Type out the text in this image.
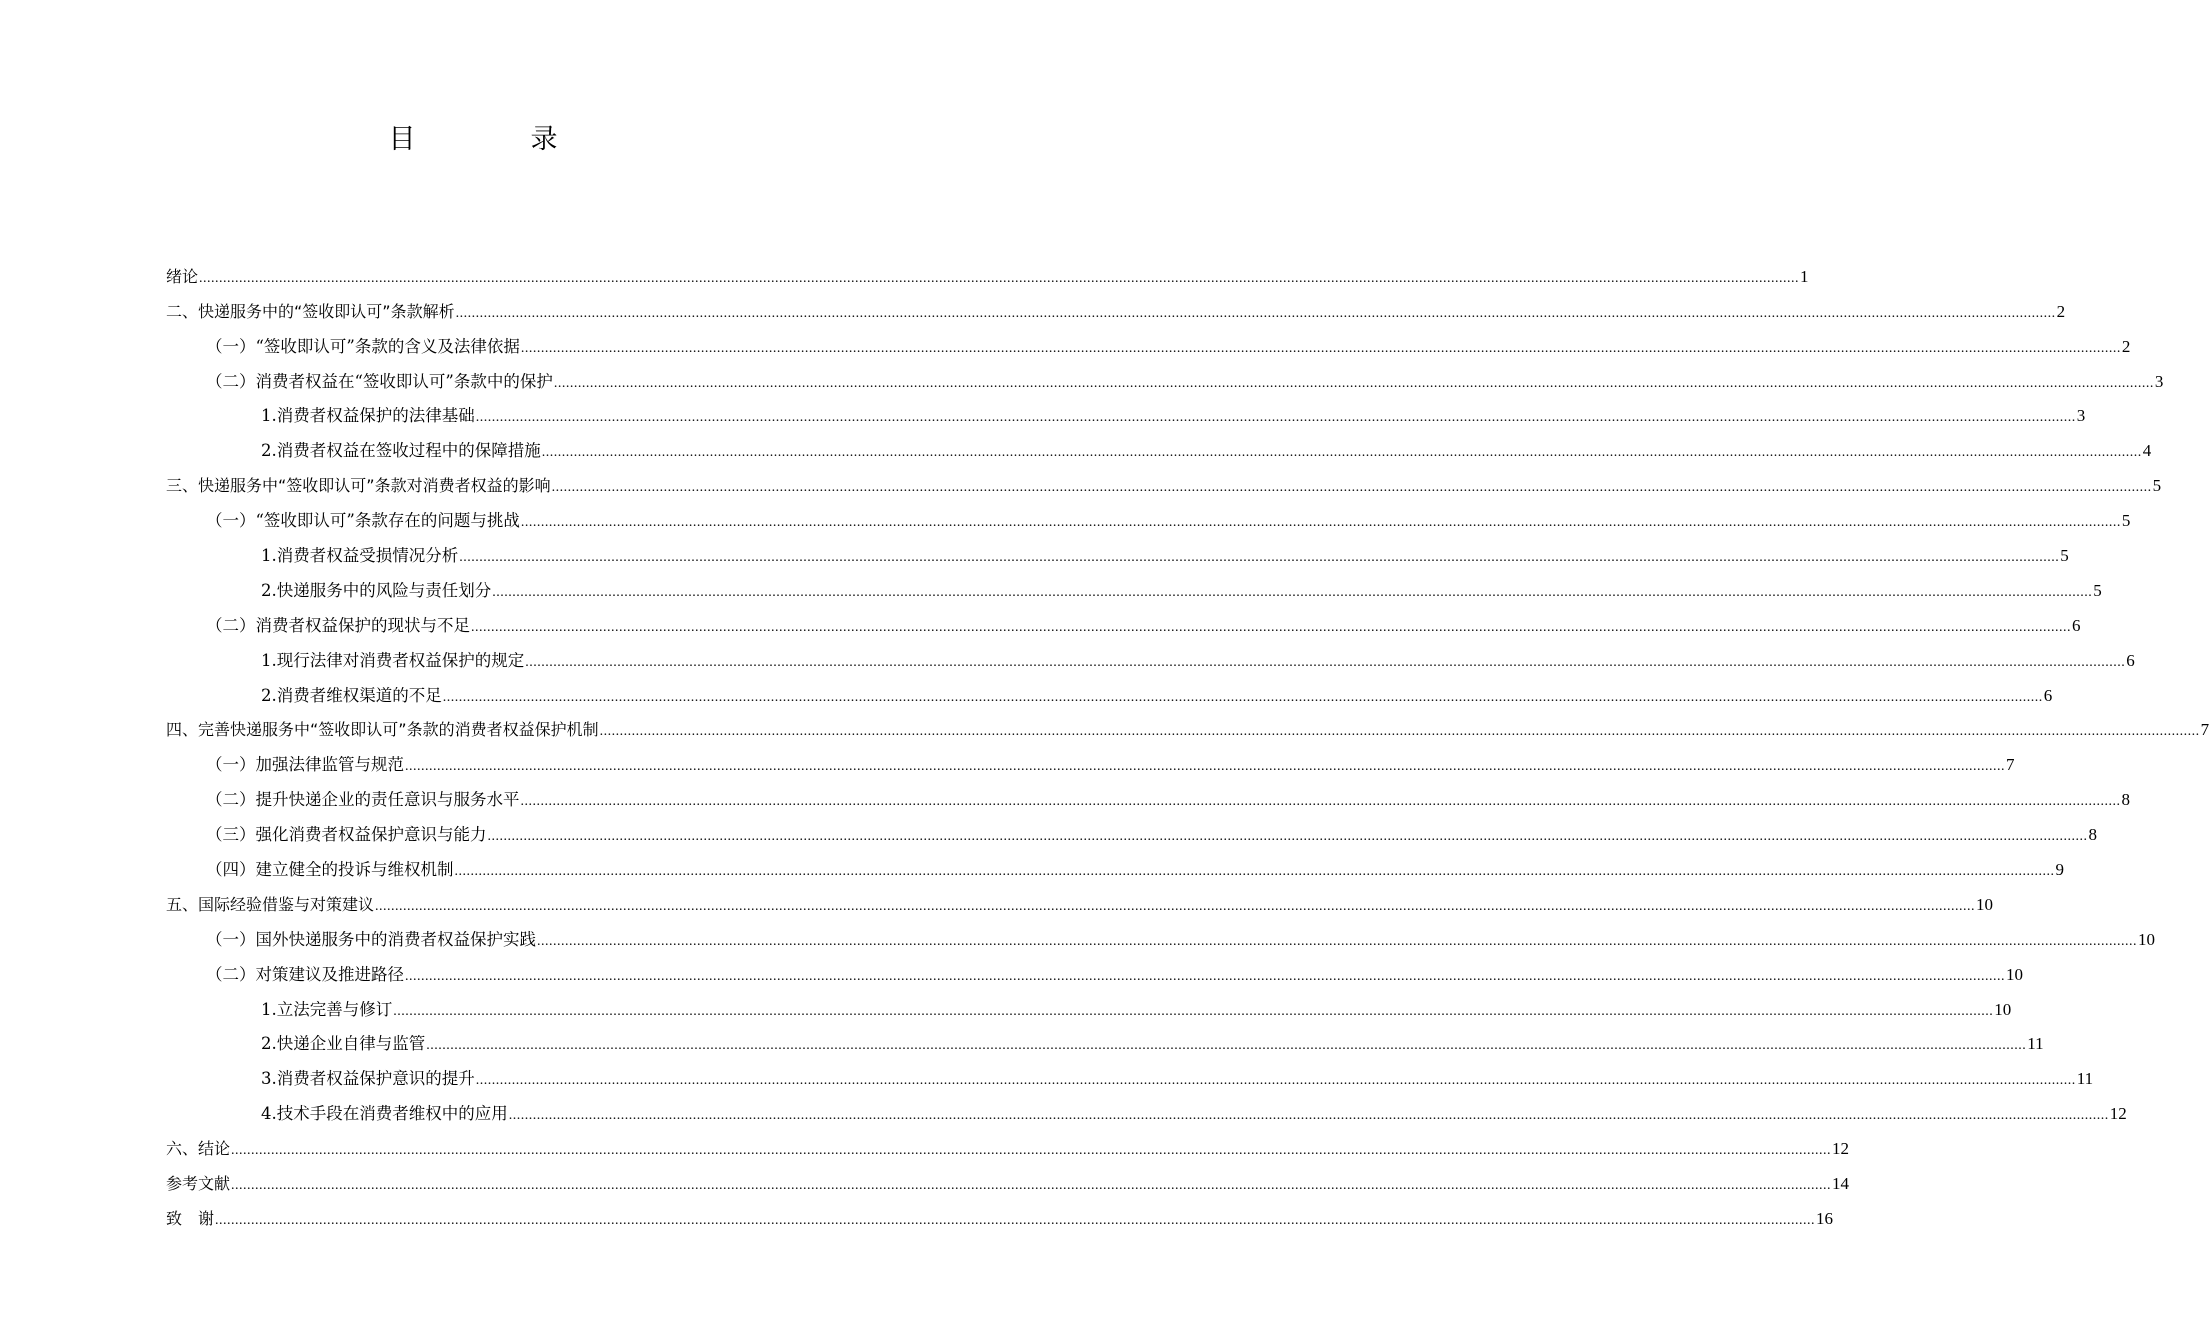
目　录
绪论 ................................................................................................................................................................................................................................................................................................................................................................................................................ 1
二、快递服务中的“签收即认可”条款解析 ................................................................................................................................................................................................................................................................................................................................................................................................................ 2
（一）“签收即认可”条款的含义及法律依据 ................................................................................................................................................................................................................................................................................................................................................................................................................ 2
（二）消费者权益在“签收即认可”条款中的保护 ................................................................................................................................................................................................................................................................................................................................................................................................................ 3
1.消费者权益保护的法律基础 ................................................................................................................................................................................................................................................................................................................................................................................................................ 3
2.消费者权益在签收过程中的保障措施 ................................................................................................................................................................................................................................................................................................................................................................................................................ 4
三、快递服务中“签收即认可”条款对消费者权益的影响 ................................................................................................................................................................................................................................................................................................................................................................................................................ 5
（一）“签收即认可”条款存在的问题与挑战 ................................................................................................................................................................................................................................................................................................................................................................................................................ 5
1.消费者权益受损情况分析 ................................................................................................................................................................................................................................................................................................................................................................................................................ 5
2.快递服务中的风险与责任划分 ................................................................................................................................................................................................................................................................................................................................................................................................................ 5
（二）消费者权益保护的现状与不足 ................................................................................................................................................................................................................................................................................................................................................................................................................ 6
1.现行法律对消费者权益保护的规定 ................................................................................................................................................................................................................................................................................................................................................................................................................ 6
2.消费者维权渠道的不足 ................................................................................................................................................................................................................................................................................................................................................................................................................ 6
四、完善快递服务中“签收即认可”条款的消费者权益保护机制 ................................................................................................................................................................................................................................................................................................................................................................................................................ 7
（一）加强法律监管与规范 ................................................................................................................................................................................................................................................................................................................................................................................................................ 7
（二）提升快递企业的责任意识与服务水平 ................................................................................................................................................................................................................................................................................................................................................................................................................ 8
（三）强化消费者权益保护意识与能力 ................................................................................................................................................................................................................................................................................................................................................................................................................ 8
（四）建立健全的投诉与维权机制 ................................................................................................................................................................................................................................................................................................................................................................................................................ 9
五、国际经验借鉴与对策建议 ................................................................................................................................................................................................................................................................................................................................................................................................................ 10
（一）国外快递服务中的消费者权益保护实践 ................................................................................................................................................................................................................................................................................................................................................................................................................ 10
（二）对策建议及推进路径 ................................................................................................................................................................................................................................................................................................................................................................................................................ 10
1.立法完善与修订 ................................................................................................................................................................................................................................................................................................................................................................................................................ 10
2.快递企业自律与监管 ................................................................................................................................................................................................................................................................................................................................................................................................................ 11
3.消费者权益保护意识的提升 ................................................................................................................................................................................................................................................................................................................................................................................................................ 11
4.技术手段在消费者维权中的应用 ................................................................................................................................................................................................................................................................................................................................................................................................................ 12
六、结论 ................................................................................................................................................................................................................................................................................................................................................................................................................ 12
参考文献 ................................................................................................................................................................................................................................................................................................................................................................................................................ 14
致　谢 ................................................................................................................................................................................................................................................................................................................................................................................................................ 16
